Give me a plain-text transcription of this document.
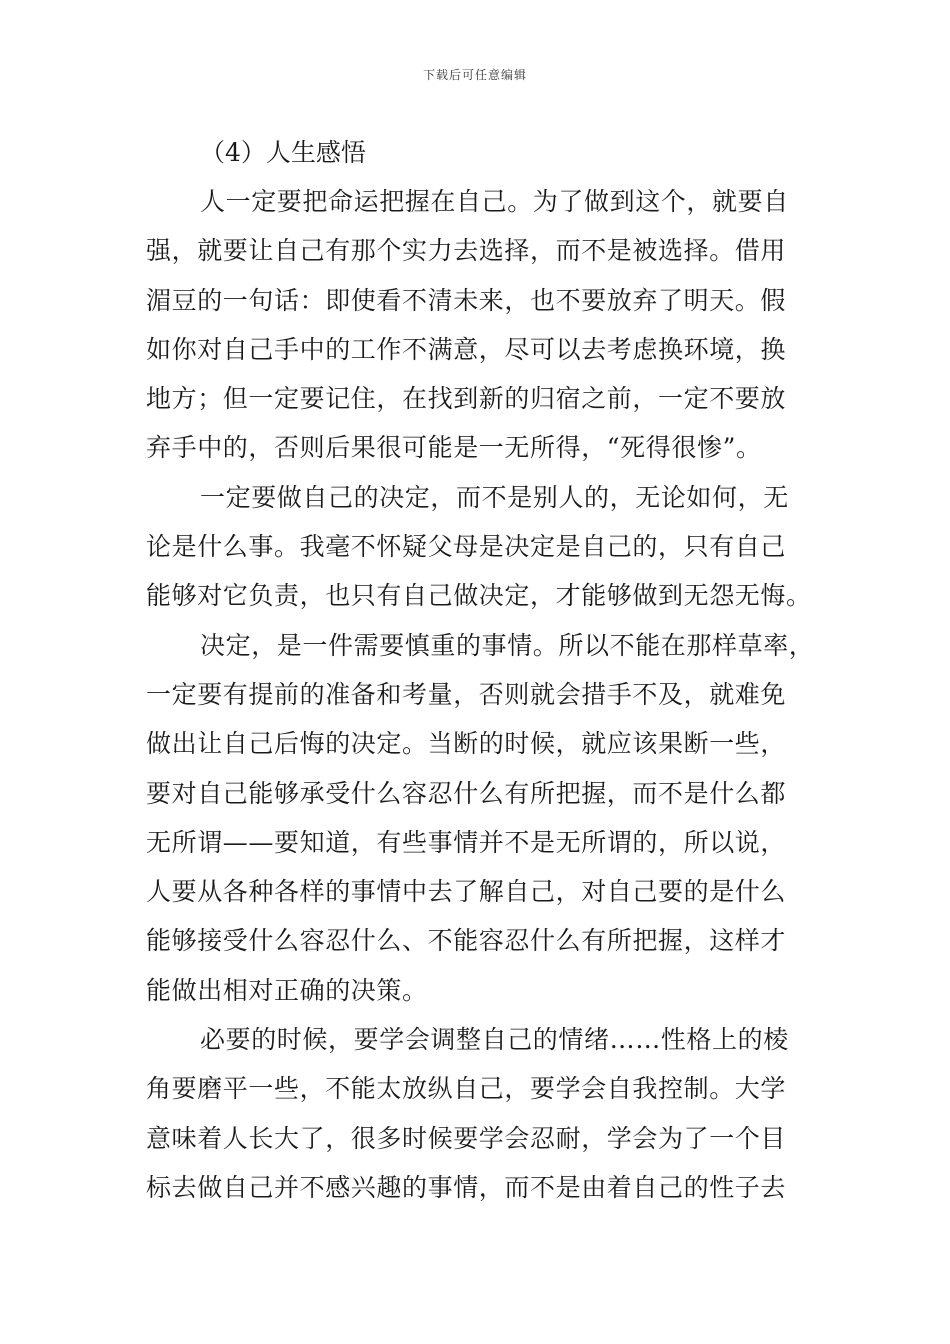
下载后可任意编辑
（4）人生感悟
人一定要把命运把握在自己。为了做到这个，就要自
强，就要让自己有那个实力去选择，而不是被选择。借用
湄豆的一句话：即使看不清未来，也不要放弃了明天。假
如你对自己手中的工作不满意，尽可以去考虑换环境，换
地方；但一定要记住，在找到新的归宿之前，一定不要放
弃手中的，否则后果很可能是一无所得，“死得很惨”。
一定要做自己的决定，而不是别人的，无论如何，无
论是什么事。我毫不怀疑父母是决定是自己的，只有自己
能够对它负责，也只有自己做决定，才能够做到无怨无悔。
决定，是一件需要慎重的事情。所以不能在那样草率，
一定要有提前的准备和考量，否则就会措手不及，就难免
做出让自己后悔的决定。当断的时候，就应该果断一些，
要对自己能够承受什么容忍什么有所把握，而不是什么都
无所谓——要知道，有些事情并不是无所谓的，所以说，
人要从各种各样的事情中去了解自己，对自己要的是什么
能够接受什么容忍什么、不能容忍什么有所把握，这样才
能做出相对正确的决策。
必要的时候，要学会调整自己的情绪……性格上的棱
角要磨平一些，不能太放纵自己，要学会自我控制。大学
意味着人长大了，很多时候要学会忍耐，学会为了一个目
标去做自己并不感兴趣的事情，而不是由着自己的性子去
